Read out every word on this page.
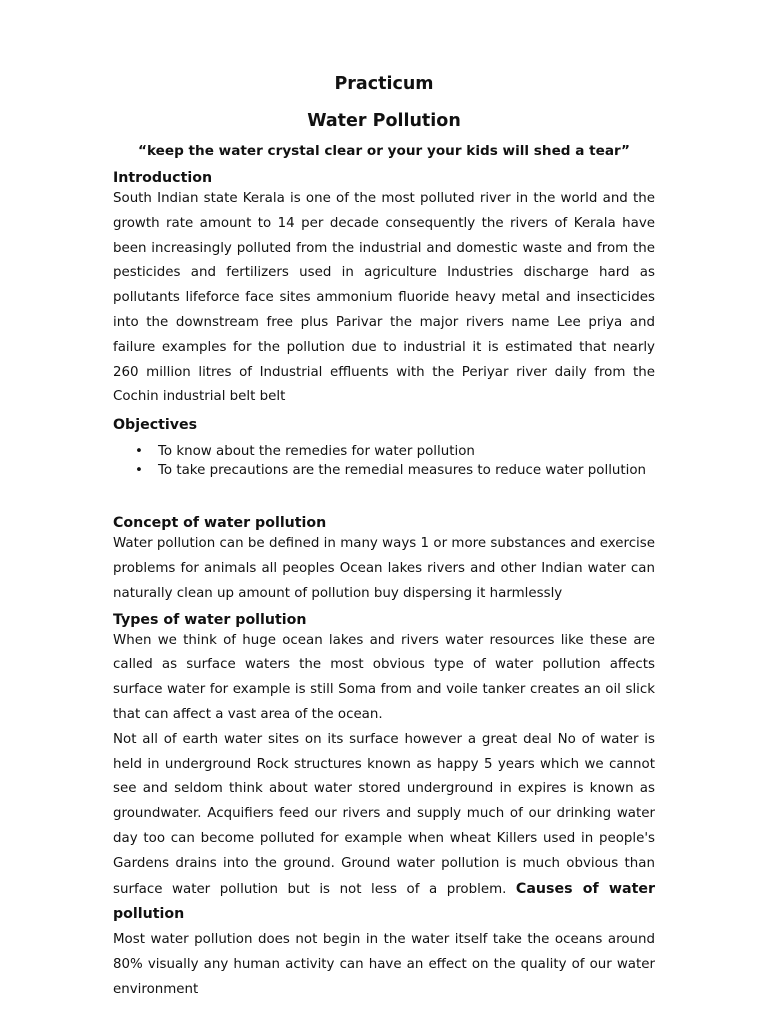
Practicum
Water Pollution

“keep the water crystal clear or your your kids will shed a tear”

Introduction

South Indian state Kerala is one of the most polluted river in the world and the growth rate amount to 14 per decade consequently the rivers of Kerala have been increasingly polluted from the industrial and domestic waste and from the pesticides and fertilizers used in agriculture Industries discharge hard as pollutants lifeforce face sites ammonium fluoride heavy metal and insecticides into the downstream free plus Parivar the major rivers name Lee priya and failure examples for the pollution due to industrial it is estimated that nearly 260 million litres of Industrial effluents with the Periyar river daily from the Cochin industrial belt belt

Objectives
• To know about the remedies for water pollution
• To take precautions are the remedial measures to reduce water pollution
Concept of water pollution

Water pollution can be defined in many ways 1 or more substances and exercise problems for animals all peoples Ocean lakes rivers and other Indian water can naturally clean up amount of pollution buy dispersing it harmlessly

Types of water pollution

When we think of huge ocean lakes and rivers water resources like these are called as surface waters the most obvious type of water pollution affects surface water for example is still Soma from and voile tanker creates an oil slick that can affect a vast area of the ocean.

Not all of earth water sites on its surface however a great deal No of water is held in underground Rock structures known as happy 5 years which we cannot see and seldom think about water stored underground in expires is known as groundwater. Acquifiers feed our rivers and supply much of our drinking water day too can become polluted for example when wheat Killers used in people's Gardens drains into the ground. Ground water pollution is much obvious than surface water pollution but is not less of a problem. Causes of water pollution

Most water pollution does not begin in the water itself take the oceans around 80% visually any human activity can have an effect on the quality of our water environment
